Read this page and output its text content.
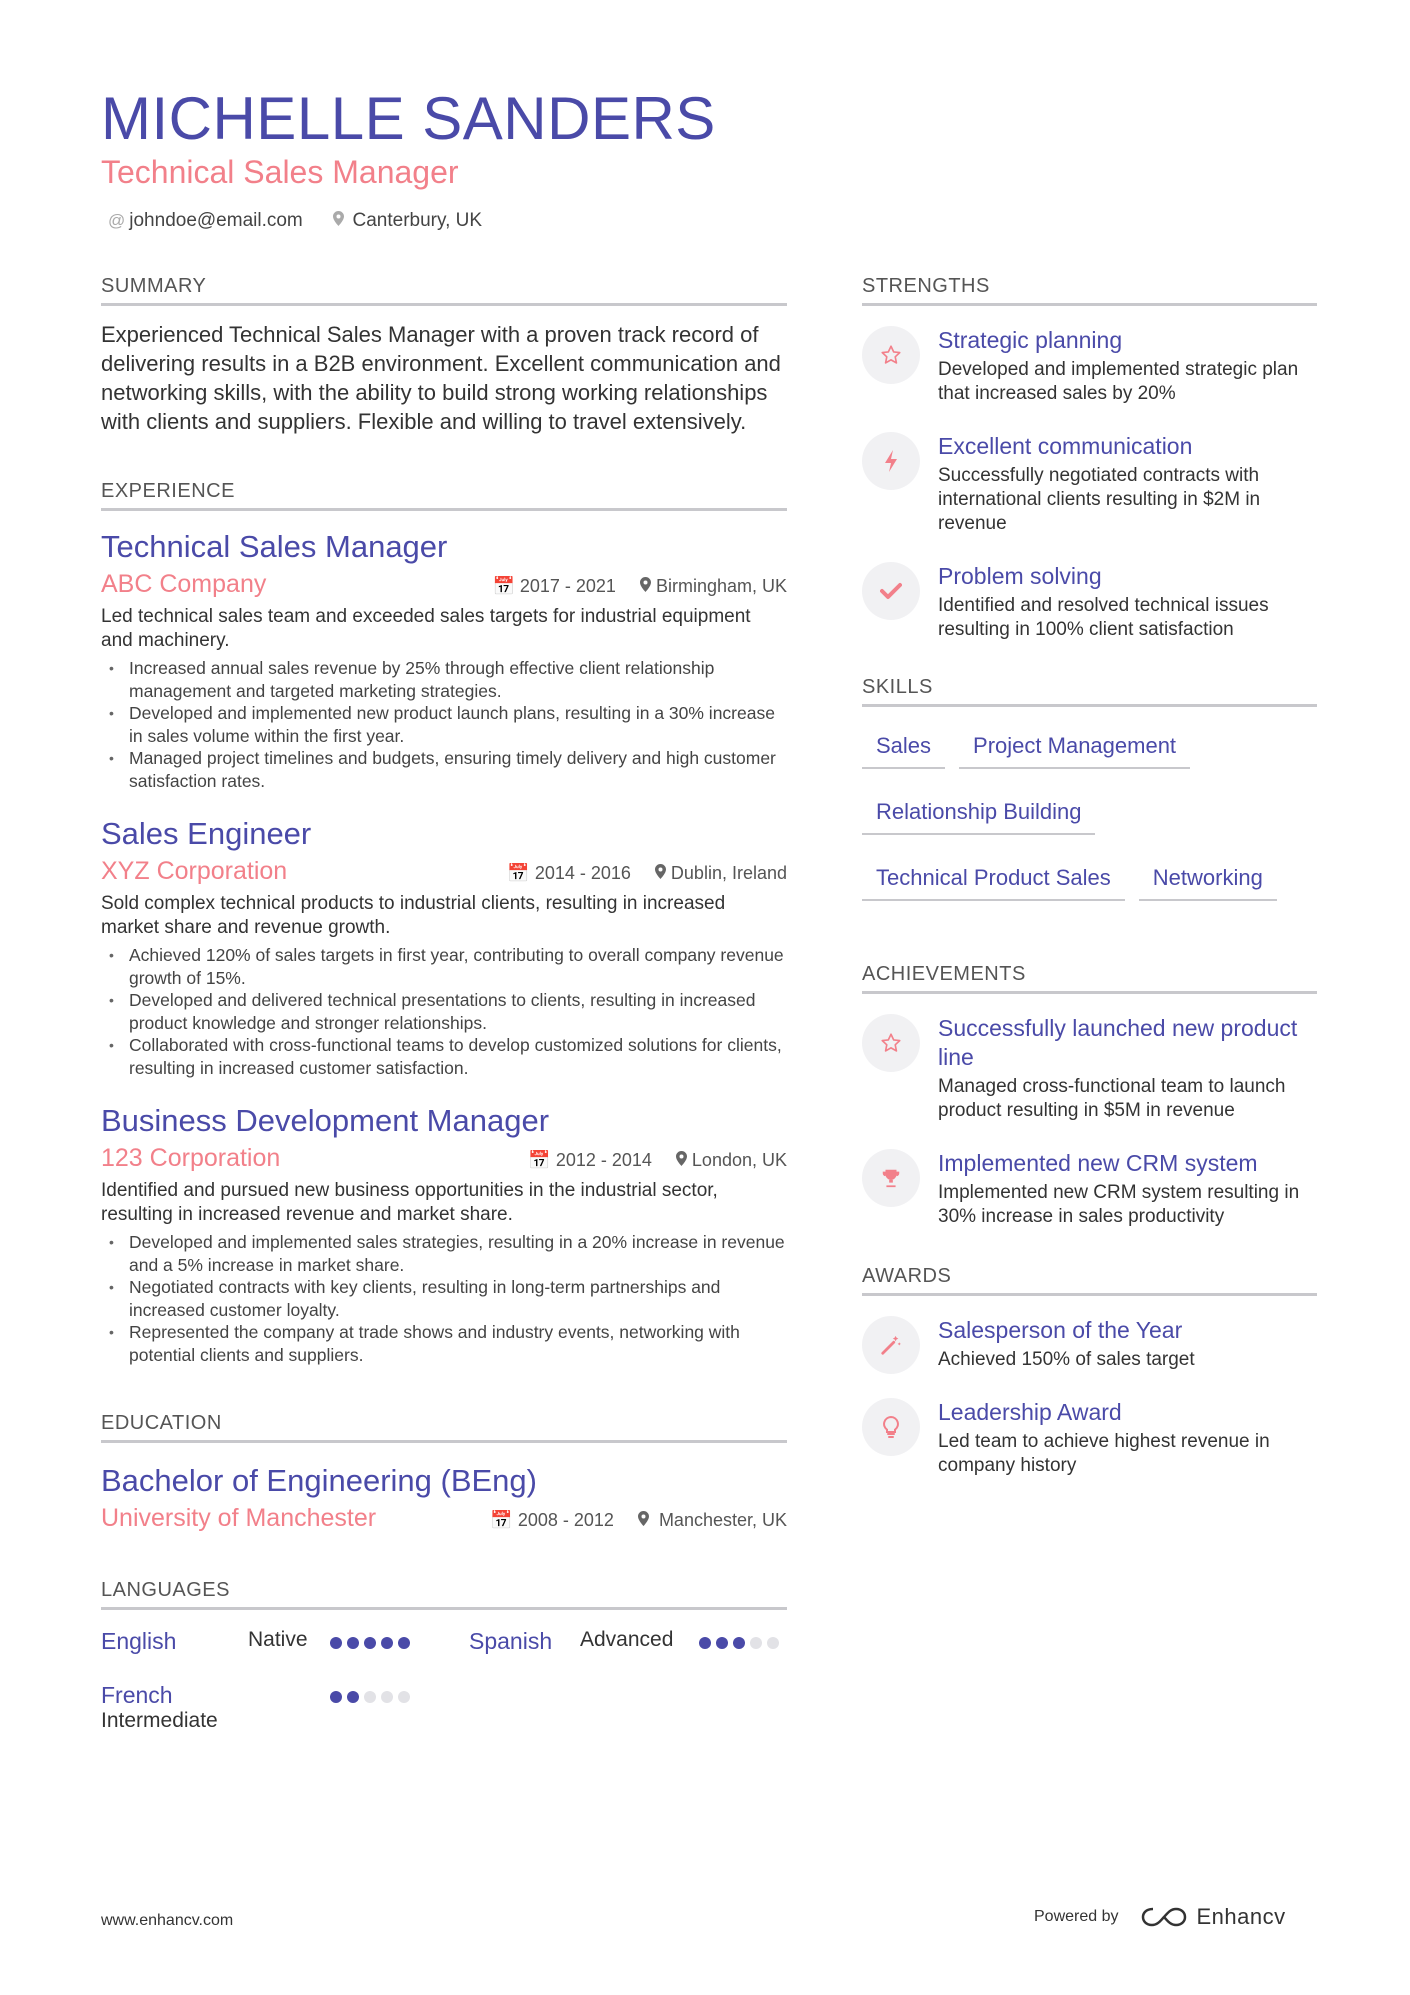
MICHELLE SANDERS
Technical Sales Manager
@ johndoe@email.com	Canterbury, UK
SUMMARY

Experienced Technical Sales Manager with a proven track record of delivering results in a B2B environment. Excellent communication and networking skills, with the ability to build strong working relationships with clients and suppliers. Flexible and willing to travel extensively.

EXPERIENCE
Technical Sales Manager
ABC Company	📅 2017 - 2021	Birmingham, UK
Led technical sales team and exceeded sales targets for industrial equipment and machinery.
• Increased annual sales revenue by 25% through effective client relationship management and targeted marketing strategies.
• Developed and implemented new product launch plans, resulting in a 30% increase in sales volume within the first year.
• Managed project timelines and budgets, ensuring timely delivery and high customer satisfaction rates.
Sales Engineer
XYZ Corporation	📅 2014 - 2016	Dublin, Ireland
Sold complex technical products to industrial clients, resulting in increased market share and revenue growth.
• Achieved 120% of sales targets in first year, contributing to overall company revenue growth of 15%.
• Developed and delivered technical presentations to clients, resulting in increased product knowledge and stronger relationships.
• Collaborated with cross-functional teams to develop customized solutions for clients, resulting in increased customer satisfaction.
Business Development Manager
123 Corporation	📅 2012 - 2014	London, UK
Identified and pursued new business opportunities in the industrial sector, resulting in increased revenue and market share.
• Developed and implemented sales strategies, resulting in a 20% increase in revenue and a 5% increase in market share.
• Negotiated contracts with key clients, resulting in long-term partnerships and increased customer loyalty.
• Represented the company at trade shows and industry events, networking with potential clients and suppliers.
EDUCATION
Bachelor of Engineering (BEng)
University of Manchester	📅 2008 - 2012	Manchester, UK
LANGUAGES
English	Native	Spanish Advanced
French
Intermediate
STRENGTHS
Strategic planning
Developed and implemented strategic plan that increased sales by 20%
Excellent communication
Successfully negotiated contracts with international clients resulting in $2M in revenue
Problem solving
Identified and resolved technical issues resulting in 100% client satisfaction
SKILLS
Sales	Project Management
Relationship Building
Technical Product Sales	Networking
ACHIEVEMENTS
Successfully launched new product line
Managed cross-functional team to launch product resulting in $5M in revenue
Implemented new CRM system
Implemented new CRM system resulting in 30% increase in sales productivity
AWARDS
Salesperson of the Year
Achieved 150% of sales target
Leadership Award
Led team to achieve highest revenue in company history
www.enhancv.com	Powered by	Enhancv
